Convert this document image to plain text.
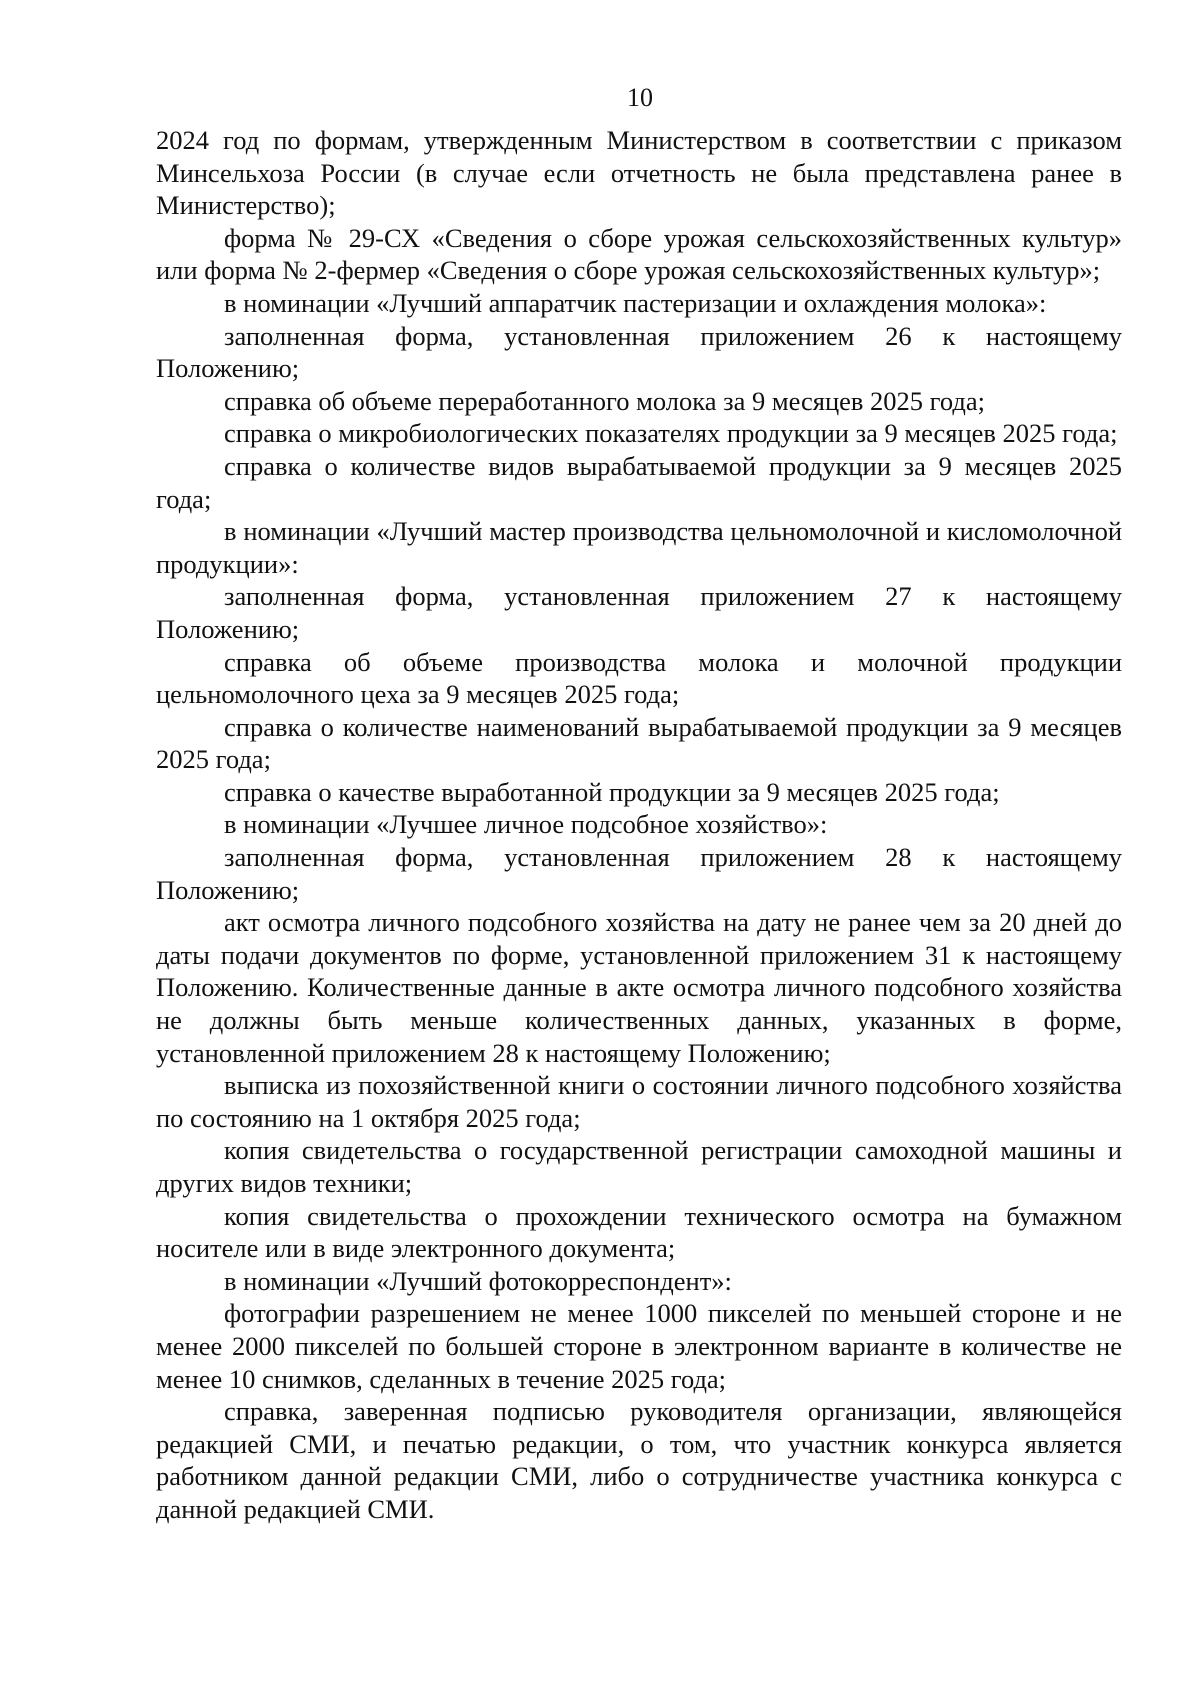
10

2024 год по формам, утвержденным Министерством в соответствии с приказом Минсельхоза России (в случае если отчетность не была представлена ранее в Министерство);

форма № 29-СХ «Сведения о сборе урожая сельскохозяйственных культур» или форма № 2-фермер «Сведения о сборе урожая сельскохозяйственных культур»;

в номинации «Лучший аппаратчик пастеризации и охлаждения молока»:

заполненная форма, установленная приложением 26 к настоящему Положению;

справка об объеме переработанного молока за 9 месяцев 2025 года;

справка о микробиологических показателях продукции за 9 месяцев 2025 года;

справка о количестве видов вырабатываемой продукции за 9 месяцев 2025 года;

в номинации «Лучший мастер производства цельномолочной и кисломолочной продукции»:

заполненная форма, установленная приложением 27 к настоящему Положению;

справка об объеме производства молока и молочной продукции цельномолочного цеха за 9 месяцев 2025 года;

справка о количестве наименований вырабатываемой продукции за 9 месяцев 2025 года;

справка о качестве выработанной продукции за 9 месяцев 2025 года;

в номинации «Лучшее личное подсобное хозяйство»:

заполненная форма, установленная приложением 28 к настоящему Положению;

акт осмотра личного подсобного хозяйства на дату не ранее чем за 20 дней до даты подачи документов по форме, установленной приложением 31 к настоящему Положению. Количественные данные в акте осмотра личного подсобного хозяйства не должны быть меньше количественных данных, указанных в форме, установленной приложением 28 к настоящему Положению;

выписка из похозяйственной книги о состоянии личного подсобного хозяйства по состоянию на 1 октября 2025 года;

копия свидетельства о государственной регистрации самоходной машины и других видов техники;

копия свидетельства о прохождении технического осмотра на бумажном носителе или в виде электронного документа;

в номинации «Лучший фотокорреспондент»:

фотографии разрешением не менее 1000 пикселей по меньшей стороне и не менее 2000 пикселей по большей стороне в электронном варианте в количестве не менее 10 снимков, сделанных в течение 2025 года;

справка, заверенная подписью руководителя организации, являющейся редакцией СМИ, и печатью редакции, о том, что участник конкурса является работником данной редакции СМИ, либо о сотрудничестве участника конкурса с данной редакцией СМИ.
